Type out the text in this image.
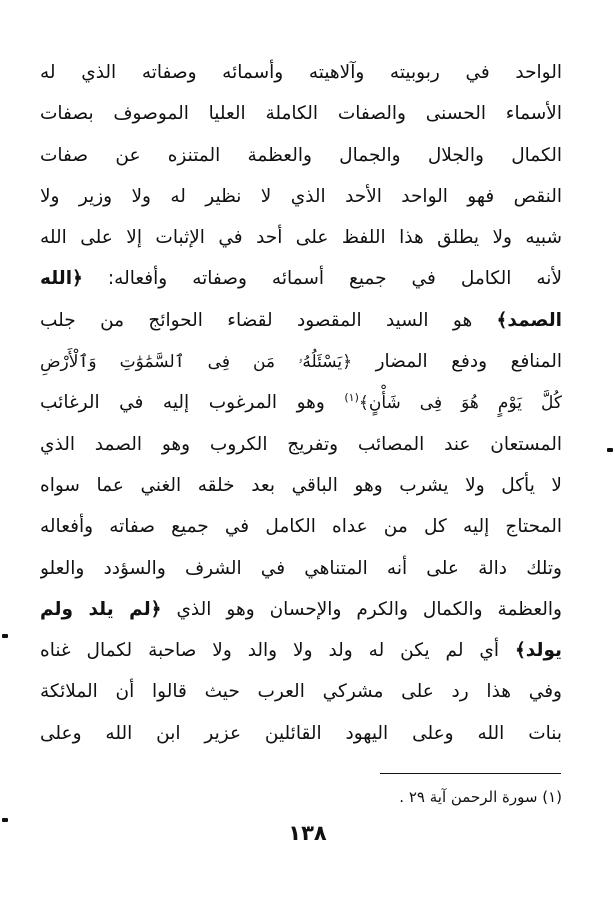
الواحد في ربوبيته وآلاهيته وأسمائه وصفاته الذي له
الأسماء الحسنى والصفات الكاملة العليا الموصوف بصفات
الكمال والجلال والجمال والعظمة المتنزه عن صفات
النقص فهو الواحد الأحد الذي لا نظير له ولا وزير ولا
شبيه ولا يطلق هذا اللفظ على أحد في الإثبات إلا على الله
لأنه الكامل في جميع أسمائه وصفاته وأفعاله: ﴿الله
الصمد﴾ هو السيد المقصود لقضاء الحوائج من جلب
المنافع ودفع المضار ﴿يَسْئَلُهُۥ مَن فِى ٱلسَّمَٰوَٰتِ وَٱلْأَرْضِ
كُلَّ يَوْمٍ هُوَ فِى شَأْنٍ﴾$^{(١)}$ وهو المرغوب إليه في الرغائب
المستعان عند المصائب وتفريج الكروب وهو الصمد الذي
لا يأكل ولا يشرب وهو الباقي بعد خلقه الغني عما سواه
المحتاج إليه كل من عداه الكامل في جميع صفاته وأفعاله
وتلك دالة على أنه المتناهي في الشرف والسؤدد والعلو
والعظمة والكمال والكرم والإحسان وهو الذي ﴿لم يلد ولم
يولد﴾ أي لم يكن له ولد ولا والد ولا صاحبة لكمال غناه
وفي هذا رد على مشركي العرب حيث قالوا أن الملائكة
بنات الله وعلى اليهود القائلين عزير ابن الله وعلى
(١) سورة الرحمن آية ٢٩ .
١٣٨
